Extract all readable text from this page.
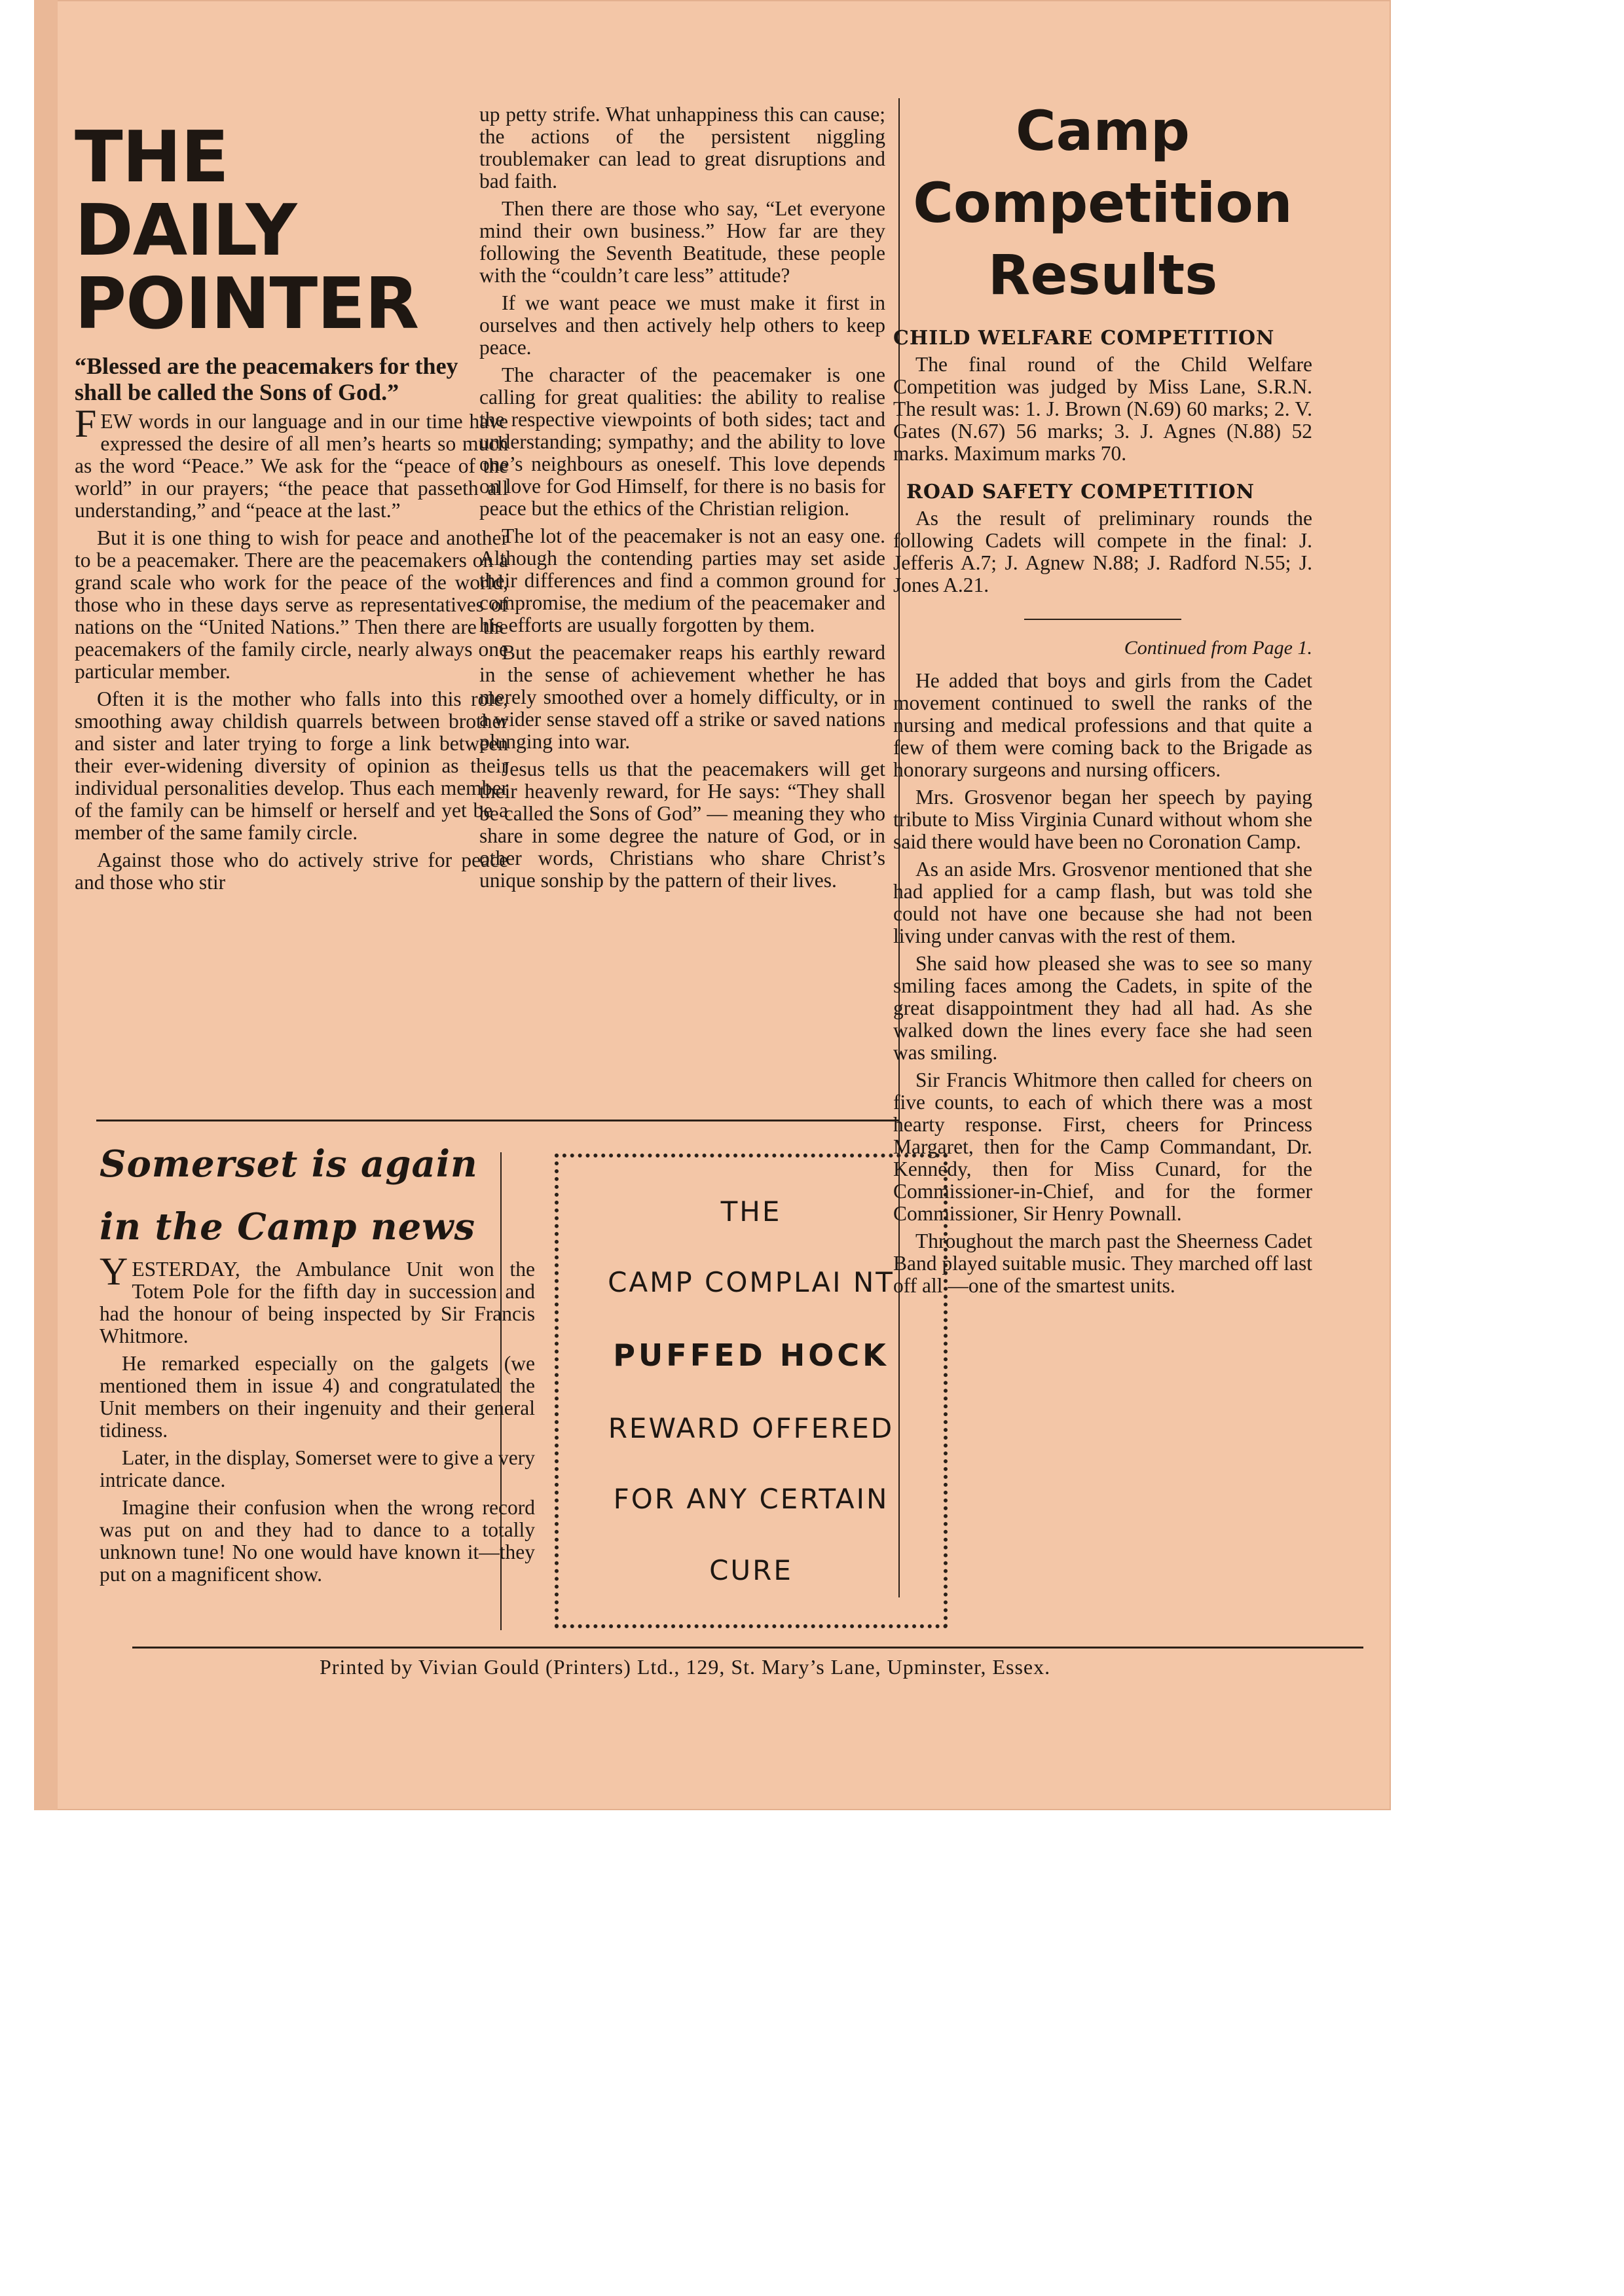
THE
DAILY
POINTER
“Blessed are the peacemakers for they shall be called the Sons of God.”

FEW words in our language and in our time have expressed the desire of all men’s hearts so much as the word “Peace.” We ask for the “peace of the world” in our prayers; “the peace that passeth all understanding,” and “peace at the last.”

But it is one thing to wish for peace and another to be a peacemaker. There are the peacemakers on a grand scale who work for the peace of the world, those who in these days serve as representatives of nations on the “United Nations.” Then there are the peacemakers of the family circle, nearly always one particular member.

Often it is the mother who falls into this role, smoothing away childish quarrels between brother and sister and later trying to forge a link between their ever-widening diversity of opinion as their individual personalities develop. Thus each member of the family can be himself or herself and yet be a member of the same family circle.

Against those who do actively strive for peace and those who stir

up petty strife. What unhappiness this can cause; the actions of the persistent niggling troublemaker can lead to great disruptions and bad faith.

Then there are those who say, “Let everyone mind their own business.” How far are they following the Seventh Beatitude, these people with the “couldn’t care less” attitude?

If we want peace we must make it first in ourselves and then actively help others to keep peace.

The character of the peacemaker is one calling for great qualities: the ability to realise the respective viewpoints of both sides; tact and understanding; sympathy; and the ability to love one’s neighbours as oneself. This love depends on love for God Himself, for there is no basis for peace but the ethics of the Christian religion.

The lot of the peacemaker is not an easy one. Although the contending parties may set aside their differences and find a common ground for compromise, the medium of the peacemaker and his efforts are usually forgotten by them.

But the peacemaker reaps his earthly reward in the sense of achievement whether he has merely smoothed over a homely difficulty, or in a wider sense staved off a strike or saved nations plunging into war.

Jesus tells us that the peacemakers will get their heavenly reward, for He says: “They shall be called the Sons of God” — meaning they who share in some degree the nature of God, or in other words, Christians who share Christ’s unique sonship by the pattern of their lives.

Camp
Competition
Results
CHILD WELFARE COMPETITION

The final round of the Child Welfare Competition was judged by Miss Lane, S.R.N. The result was: 1. J. Brown (N.69) 60 marks; 2. V. Gates (N.67) 56 marks; 3. J. Agnes (N.88) 52 marks. Maximum marks 70.

ROAD SAFETY COMPETITION

As the result of preliminary rounds the following Cadets will compete in the final: J. Jefferis A.7; J. Agnew N.88; J. Radford N.55; J. Jones A.21.

Continued from Page 1.

He added that boys and girls from the Cadet movement continued to swell the ranks of the nursing and medical professions and that quite a few of them were coming back to the Brigade as honorary surgeons and nursing officers.

Mrs. Grosvenor began her speech by paying tribute to Miss Virginia Cunard without whom she said there would have been no Coronation Camp.

As an aside Mrs. Grosvenor mentioned that she had applied for a camp flash, but was told she could not have one because she had not been living under canvas with the rest of them.

She said how pleased she was to see so many smiling faces among the Cadets, in spite of the great disappointment they had all had. As she walked down the lines every face she had seen was smiling.

Sir Francis Whitmore then called for cheers on five counts, to each of which there was a most hearty response. First, cheers for Princess Margaret, then for the Camp Commandant, Dr. Kennedy, then for Miss Cunard, for the Commissioner-in-Chief, and for the former Commissioner, Sir Henry Pownall.

Throughout the march past the Sheerness Cadet Band played suitable music. They marched off last off all —one of the smartest units.

Somerset is again
in the Camp news

YESTERDAY, the Ambulance Unit won the Totem Pole for the fifth day in succession and had the honour of being inspected by Sir Francis Whitmore.

He remarked especially on the galgets (we mentioned them in issue 4) and congratulated the Unit members on their ingenuity and their general tidiness.

Later, in the display, Somerset were to give a very intricate dance.

Imagine their confusion when the wrong record was put on and they had to dance to a totally unknown tune! No one would have known it—they put on a magnificent show.

THE
CAMP COMPLAI NT
PUFFED HOCK
REWARD OFFERED
FOR ANY CERTAIN
CURE
Printed by Vivian Gould (Printers) Ltd., 129, St. Mary’s Lane, Upminster, Essex.
